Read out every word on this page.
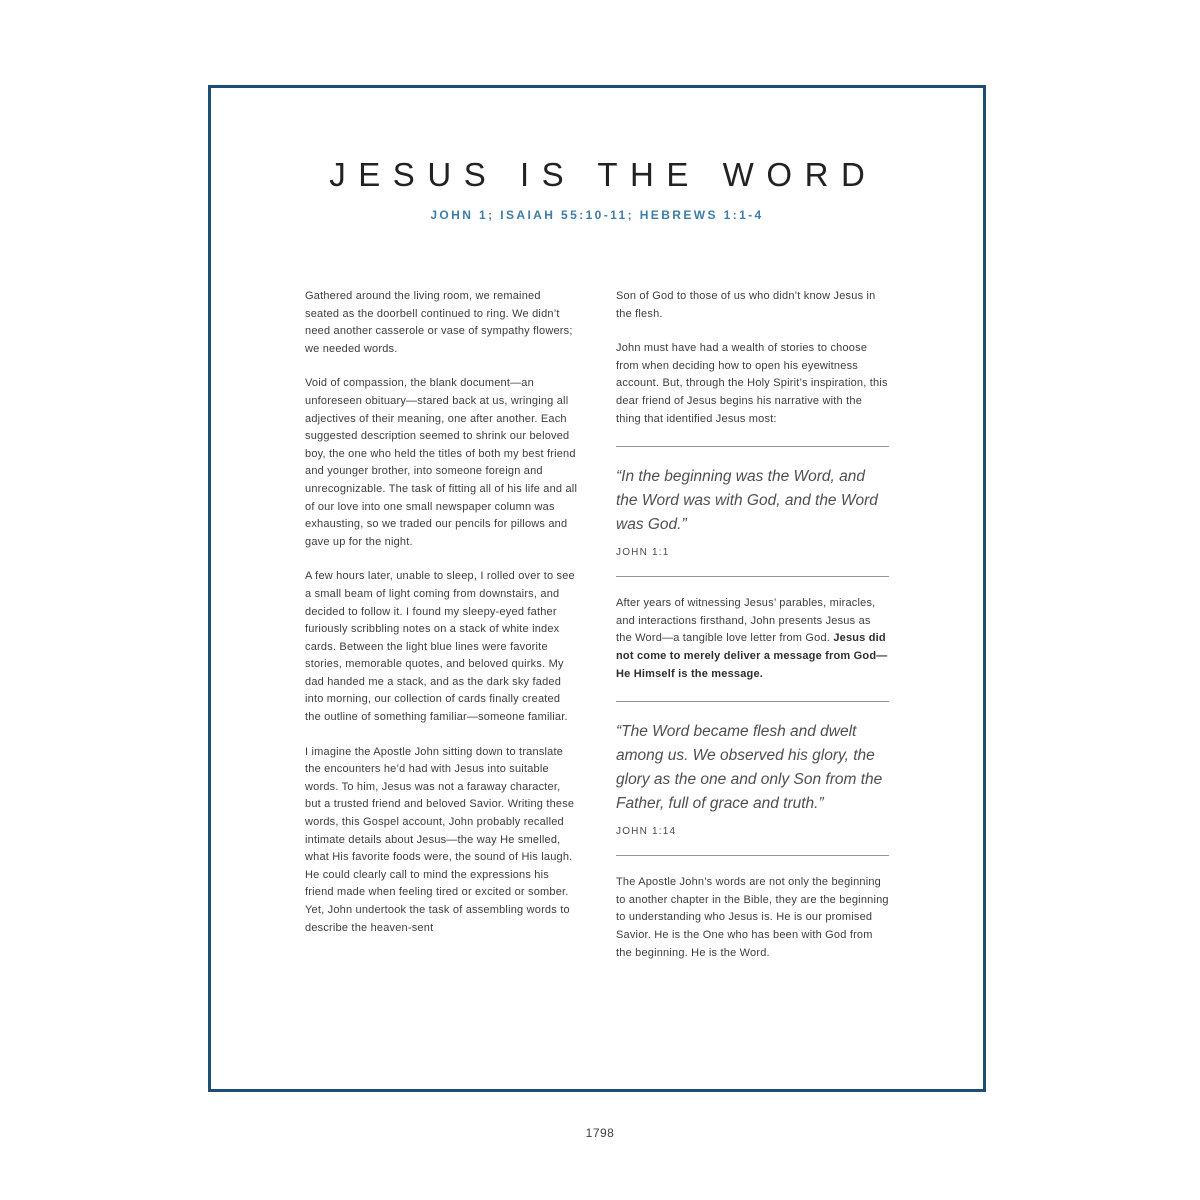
JESUS IS THE WORD
JOHN 1; ISAIAH 55:10-11; HEBREWS 1:1-4

Gathered around the living room, we remained seated as the doorbell continued to ring. We didn’t need another casserole or vase of sympathy flowers; we needed words.

Void of compassion, the blank document—an unforeseen obituary—stared back at us, wringing all adjectives of their meaning, one after another. Each suggested description seemed to shrink our beloved boy, the one who held the titles of both my best friend and younger brother, into someone foreign and unrecognizable. The task of fitting all of his life and all of our love into one small newspaper column was exhausting, so we traded our pencils for pillows and gave up for the night.

A few hours later, unable to sleep, I rolled over to see a small beam of light coming from downstairs, and decided to follow it. I found my sleepy-eyed father furiously scribbling notes on a stack of white index cards. Between the light blue lines were favorite stories, memorable quotes, and beloved quirks. My dad handed me a stack, and as the dark sky faded into morning, our collection of cards finally created the outline of something familiar—someone familiar.

I imagine the Apostle John sitting down to translate the encounters he’d had with Jesus into suitable words. To him, Jesus was not a faraway character, but a trusted friend and beloved Savior. Writing these words, this Gospel account, John probably recalled intimate details about Jesus—the way He smelled, what His favorite foods were, the sound of His laugh. He could clearly call to mind the expressions his friend made when feeling tired or excited or somber. Yet, John undertook the task of assembling words to describe the heaven-sent

Son of God to those of us who didn’t know Jesus in the flesh.

John must have had a wealth of stories to choose from when deciding how to open his eyewitness account. But, through the Holy Spirit’s inspiration, this dear friend of Jesus begins his narrative with the thing that identified Jesus most:

“In the beginning was the Word, and the Word was with God, and the Word was God.”
JOHN 1:1

After years of witnessing Jesus’ parables, miracles, and interactions firsthand, John presents Jesus as the Word—a tangible love letter from God. Jesus did not come to merely deliver a message from God—He Himself is the message.

“The Word became flesh and dwelt among us. We observed his glory, the glory as the one and only Son from the Father, full of grace and truth.”
JOHN 1:14

The Apostle John’s words are not only the beginning to another chapter in the Bible, they are the beginning to understanding who Jesus is. He is our promised Savior. He is the One who has been with God from the beginning. He is the Word.

1798
